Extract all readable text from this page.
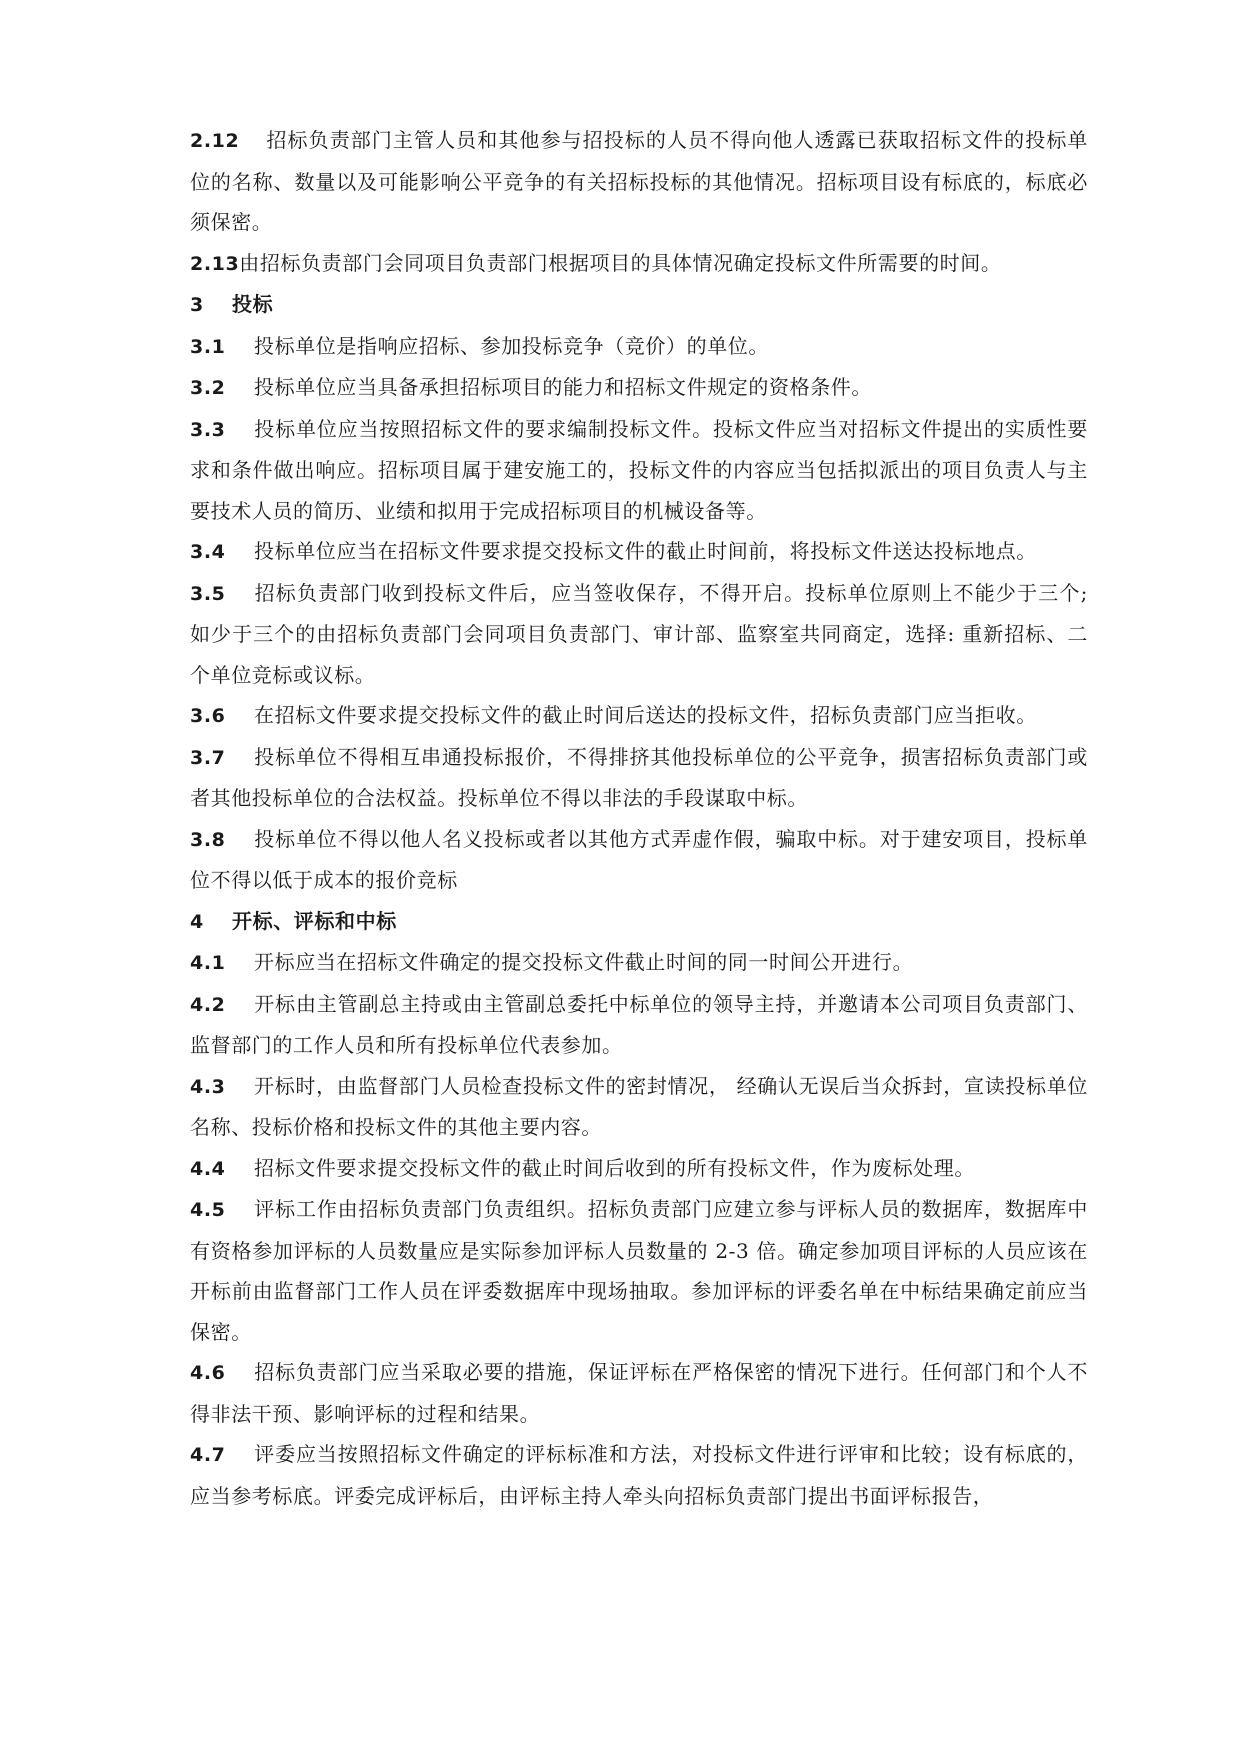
2.12 招标负责部门主管人员和其他参与招投标的人员不得向他人透露已获取招标文件的投标单位的名称、数量以及可能影响公平竞争的有关招标投标的其他情况。招标项目设有标底的，标底必须保密。

2.13由招标负责部门会同项目负责部门根据项目的具体情况确定投标文件所需要的时间。

3 投标

3.1 投标单位是指响应招标、参加投标竞争（竞价）的单位。

3.2 投标单位应当具备承担招标项目的能力和招标文件规定的资格条件。

3.3 投标单位应当按照招标文件的要求编制投标文件。投标文件应当对招标文件提出的实质性要求和条件做出响应。招标项目属于建安施工的，投标文件的内容应当包括拟派出的项目负责人与主要技术人员的简历、业绩和拟用于完成招标项目的机械设备等。

3.4 投标单位应当在招标文件要求提交投标文件的截止时间前，将投标文件送达投标地点。

3.5 招标负责部门收到投标文件后，应当签收保存，不得开启。投标单位原则上不能少于三个; 如少于三个的由招标负责部门会同项目负责部门、审计部、监察室共同商定，选择: 重新招标、二个单位竞标或议标。

3.6 在招标文件要求提交投标文件的截止时间后送达的投标文件，招标负责部门应当拒收。

3.7 投标单位不得相互串通投标报价，不得排挤其他投标单位的公平竞争，损害招标负责部门或者其他投标单位的合法权益。投标单位不得以非法的手段谋取中标。

3.8 投标单位不得以他人名义投标或者以其他方式弄虚作假，骗取中标。对于建安项目，投标单位不得以低于成本的报价竞标

4 开标、评标和中标

4.1 开标应当在招标文件确定的提交投标文件截止时间的同一时间公开进行。

4.2 开标由主管副总主持或由主管副总委托中标单位的领导主持，并邀请本公司项目负责部门、监督部门的工作人员和所有投标单位代表参加。

4.3 开标时，由监督部门人员检查投标文件的密封情况， 经确认无误后当众拆封，宣读投标单位名称、投标价格和投标文件的其他主要内容。

4.4 招标文件要求提交投标文件的截止时间后收到的所有投标文件，作为废标处理。

4.5 评标工作由招标负责部门负责组织。招标负责部门应建立参与评标人员的数据库，数据库中有资格参加评标的人员数量应是实际参加评标人员数量的 2-3 倍。确定参加项目评标的人员应该在开标前由监督部门工作人员在评委数据库中现场抽取。参加评标的评委名单在中标结果确定前应当保密。

4.6 招标负责部门应当采取必要的措施，保证评标在严格保密的情况下进行。任何部门和个人不得非法干预、影响评标的过程和结果。

4.7 评委应当按照招标文件确定的评标标准和方法，对投标文件进行评审和比较；设有标底的，应当参考标底。评委完成评标后，由评标主持人牵头向招标负责部门提出书面评标报告，
